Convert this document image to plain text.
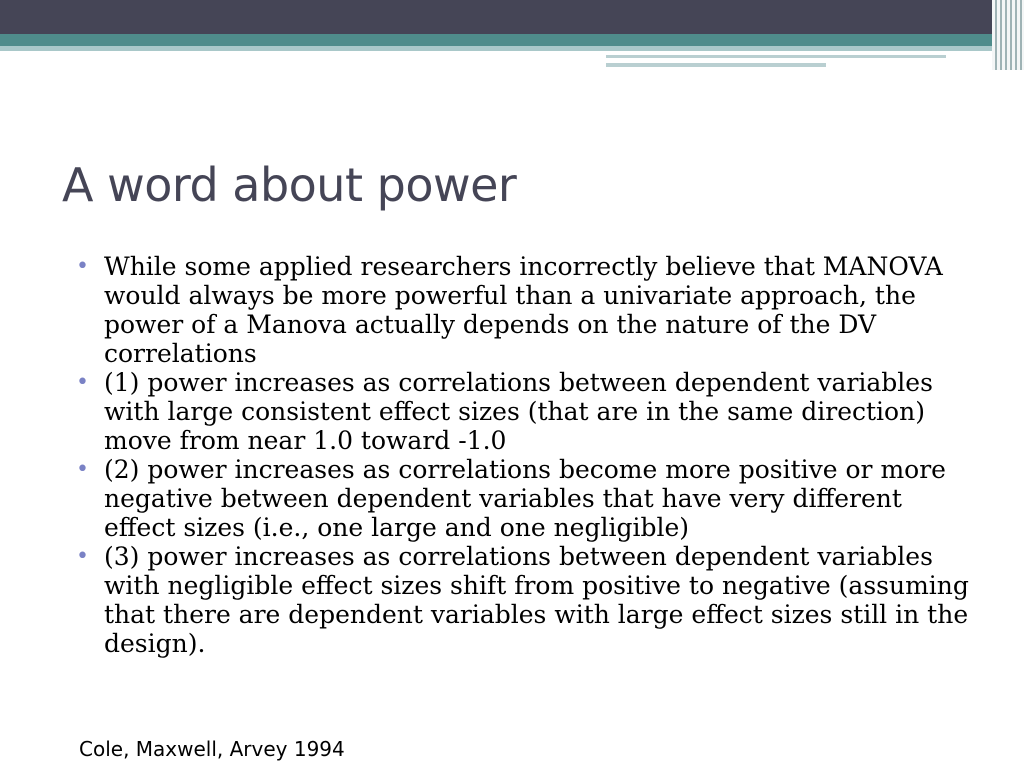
A word about power
• While some applied researchers incorrectly believe that MANOVA would always be more powerful than a univariate approach, the power of a Manova actually depends on the nature of the DV correlations
• (1) power increases as correlations between dependent variables with large consistent effect sizes (that are in the same direction) move from near 1.0 toward -1.0
• (2) power increases as correlations become more positive or more negative between dependent variables that have very different effect sizes (i.e., one large and one negligible)
• (3) power increases as correlations between dependent variables with negligible effect sizes shift from positive to negative (assuming that there are dependent variables with large effect sizes still in the design).

Cole, Maxwell, Arvey 1994
